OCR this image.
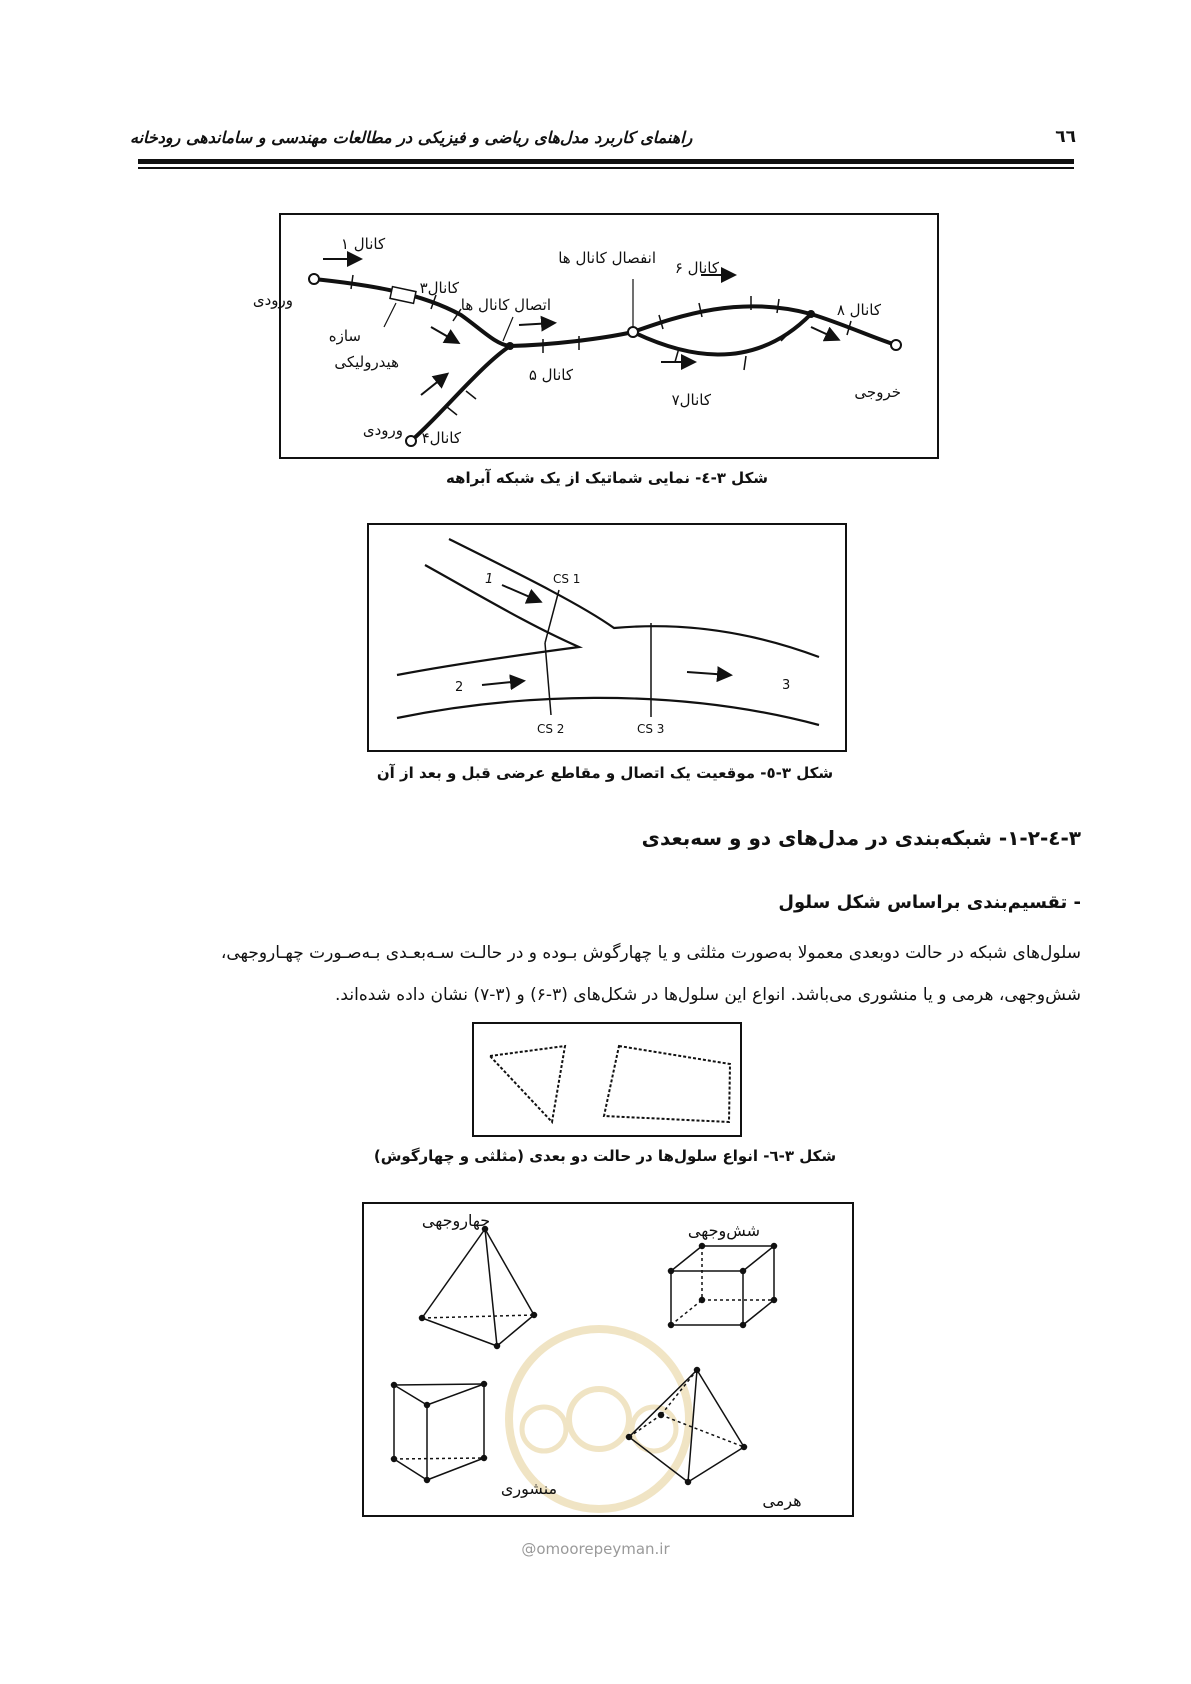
راهنمای کاربرد مدل‌های ریاضی و فیزیکی در مطالعات مهندسی و ساماندهی رودخانه	٦٦
کانال ۱
ورودی
سازه
هیدرولیکی
کانال۳
کانال۴
ورودی
اتصال کانال ها
کانال ۵
انفصال کانال ها
کانال ۶
کانال۷
کانال ۸
خروجی
شکل ۳-٤- نمایی شماتیک از یک شبکه آبراهه
1
2	3
CS 1
CS 2	CS 3
شکل ۳-٥- موقعیت یک اتصال و مقاطع عرضی قبل و بعد از آن
۳-٤-۱-۲- شبکه‌بندی در مدل‌های دو و سه‌بعدی
- تقسیم‌بندی براساس شکل سلول
سلول‌های شبکه در حالت دوبعدی معمولا به‌صورت مثلثی و یا چهارگوش بـوده و در حالـت سـه‌بعـدی بـه‌صـورت چهـاروجهی،
شش‌وجهی، هرمی و یا منشوری می‌باشد. انواع این سلول‌ها در شکل‌های (۳-۶) و (۳-۷) نشان داده شده‌اند.
شکل ۳-٦- انواع سلول‌ها در حالت دو بعدی (مثلثی و چهارگوش)
چهاروجهی
شش‌وجهی
منشوری
هرمی
@omoorepeyman.ir
